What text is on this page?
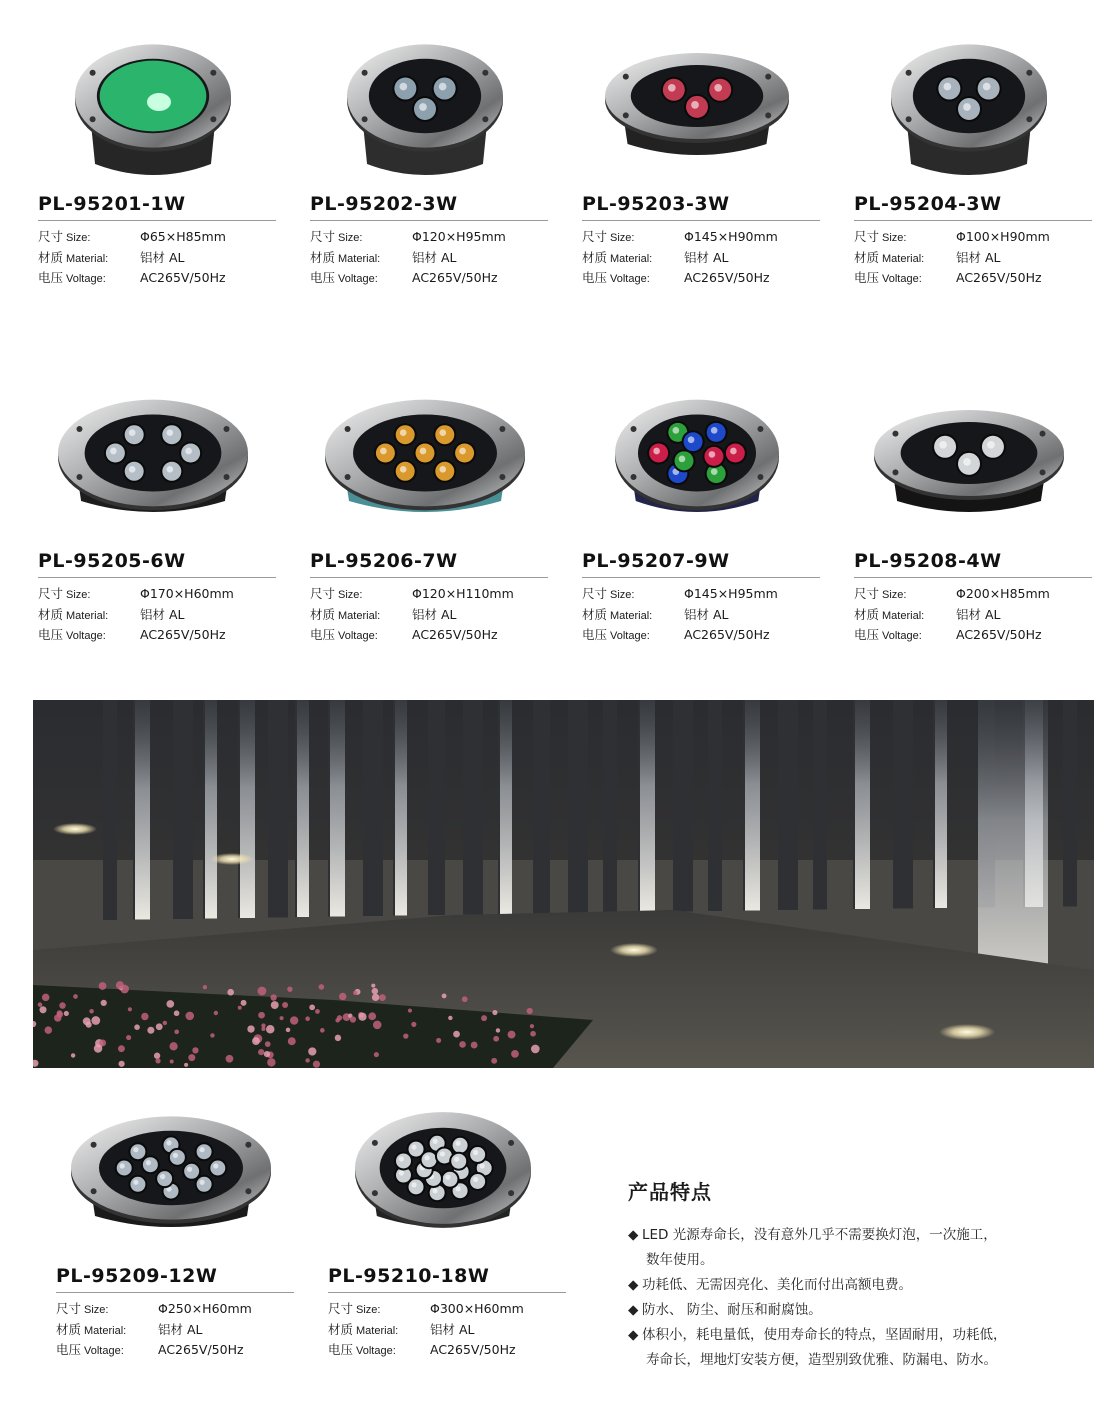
PL-95201-1W
尺寸 Size:	Φ65×H85mm
材质 Material:	铝材 AL
电压 Voltage:	AC265V/50Hz
PL-95202-3W
尺寸 Size:	Φ120×H95mm
材质 Material:	铝材 AL
电压 Voltage:	AC265V/50Hz
PL-95203-3W
尺寸 Size:	Φ145×H90mm
材质 Material:	铝材 AL
电压 Voltage:	AC265V/50Hz
PL-95204-3W
尺寸 Size:	Φ100×H90mm
材质 Material:	铝材 AL
电压 Voltage:	AC265V/50Hz
PL-95205-6W
尺寸 Size:	Φ170×H60mm
材质 Material:	铝材 AL
电压 Voltage:	AC265V/50Hz
PL-95206-7W
尺寸 Size:	Φ120×H110mm
材质 Material:	铝材 AL
电压 Voltage:	AC265V/50Hz
PL-95207-9W
尺寸 Size:	Φ145×H95mm
材质 Material:	铝材 AL
电压 Voltage:	AC265V/50Hz
PL-95208-4W
尺寸 Size:	Φ200×H85mm
材质 Material:	铝材 AL
电压 Voltage:	AC265V/50Hz
PL-95209-12W
尺寸 Size:	Φ250×H60mm
材质 Material:	铝材 AL
电压 Voltage:	AC265V/50Hz
PL-95210-18W
尺寸 Size:	Φ300×H60mm
材质 Material:	铝材 AL
电压 Voltage:	AC265V/50Hz
产品特点
◆ LED 光源寿命长，没有意外几乎不需要换灯泡，一次施工，
数年使用。
◆ 功耗低、无需因亮化、美化而付出高额电费。
◆ 防水、 防尘、耐压和耐腐蚀。
◆ 体积小，耗电量低，使用寿命长的特点，坚固耐用，功耗低，
寿命长，埋地灯安装方便，造型别致优雅、防漏电、防水。
